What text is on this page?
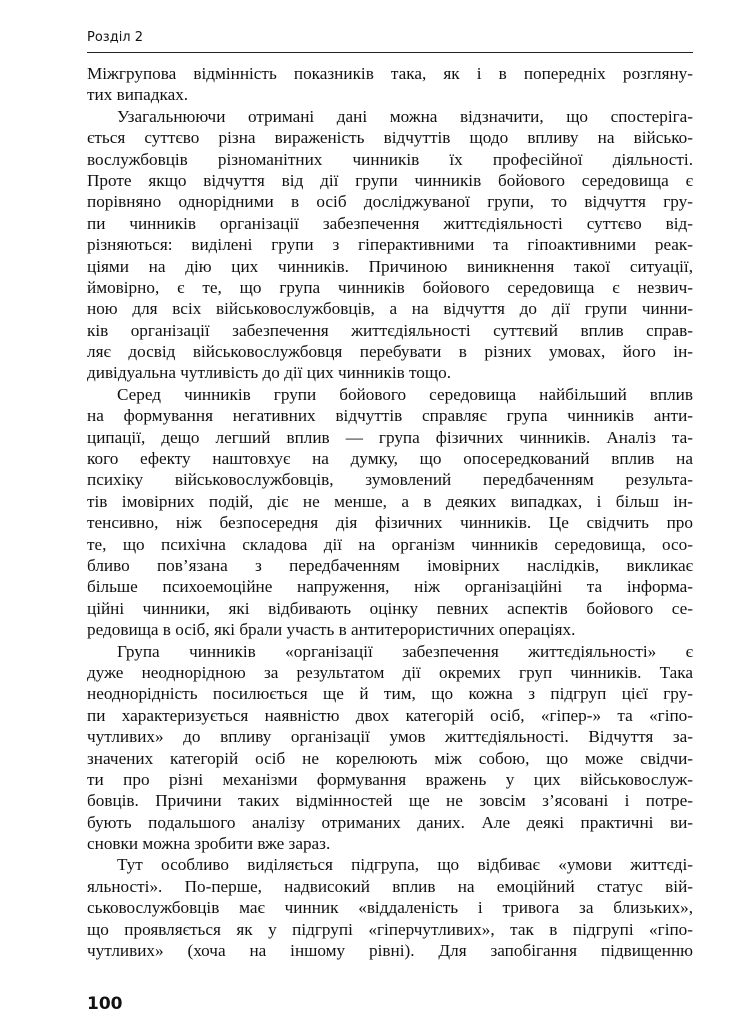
Розділ 2
Міжгрупова відмінність показників така, як і в попередніх розгляну-
тих випадках.
Узагальнюючи отримані дані можна відзначити, що спостеріга-
ється суттєво різна вираженість відчуттів щодо впливу на військо-
вослужбовців різноманітних чинників їх професійної діяльності.
Проте якщо відчуття від дії групи чинників бойового середовища є
порівняно однорідними в осіб досліджуваної групи, то відчуття гру-
пи чинників організації забезпечення життєдіяльності суттєво від-
різняються: виділені групи з гіперактивними та гіпоактивними реак-
ціями на дію цих чинників. Причиною виникнення такої ситуації,
ймовірно, є те, що група чинників бойового середовища є незвич-
ною для всіх військовослужбовців, а на відчуття до дії групи чинни-
ків організації забезпечення життєдіяльності суттєвий вплив справ-
ляє досвід військовослужбовця перебувати в різних умовах, його ін-
дивідуальна чутливість до дії цих чинників тощо.
Серед чинників групи бойового середовища найбільший вплив
на формування негативних відчуттів справляє група чинників анти-
ципації, дещо легший вплив — група фізичних чинників. Аналіз та-
кого ефекту наштовхує на думку, що опосередкований вплив на
психіку військовослужбовців, зумовлений передбаченням результа-
тів імовірних подій, діє не менше, а в деяких випадках, і більш ін-
тенсивно, ніж безпосередня дія фізичних чинників. Це свідчить про
те, що психічна складова дії на організм чинників середовища, осо-
бливо пов’язана з передбаченням імовірних наслідків, викликає
більше психоемоційне напруження, ніж організаційні та інформа-
ційні чинники, які відбивають оцінку певних аспектів бойового се-
редовища в осіб, які брали участь в антитерористичних операціях.
Група чинників «організації забезпечення життєдіяльності» є
дуже неоднорідною за результатом дії окремих груп чинників. Така
неоднорідність посилюється ще й тим, що кожна з підгруп цієї гру-
пи характеризується наявністю двох категорій осіб, «гіпер-» та «гіпо-
чутливих» до впливу організації умов життєдіяльності. Відчуття за-
значених категорій осіб не корелюють між собою, що може свідчи-
ти про різні механізми формування вражень у цих військовослуж-
бовців. Причини таких відмінностей ще не зовсім з’ясовані і потре-
бують подальшого аналізу отриманих даних. Але деякі практичні ви-
сновки можна зробити вже зараз.
Тут особливо виділяється підгрупа, що відбиває «умови життєді-
яльності». По-перше, надвисокий вплив на емоційний статус вій-
ськовослужбовців має чинник «віддаленість і тривога за близьких»,
що проявляється як у підгрупі «гіперчутливих», так в підгрупі «гіпо-
чутливих» (хоча на іншому рівні). Для запобігання підвищенню
100
